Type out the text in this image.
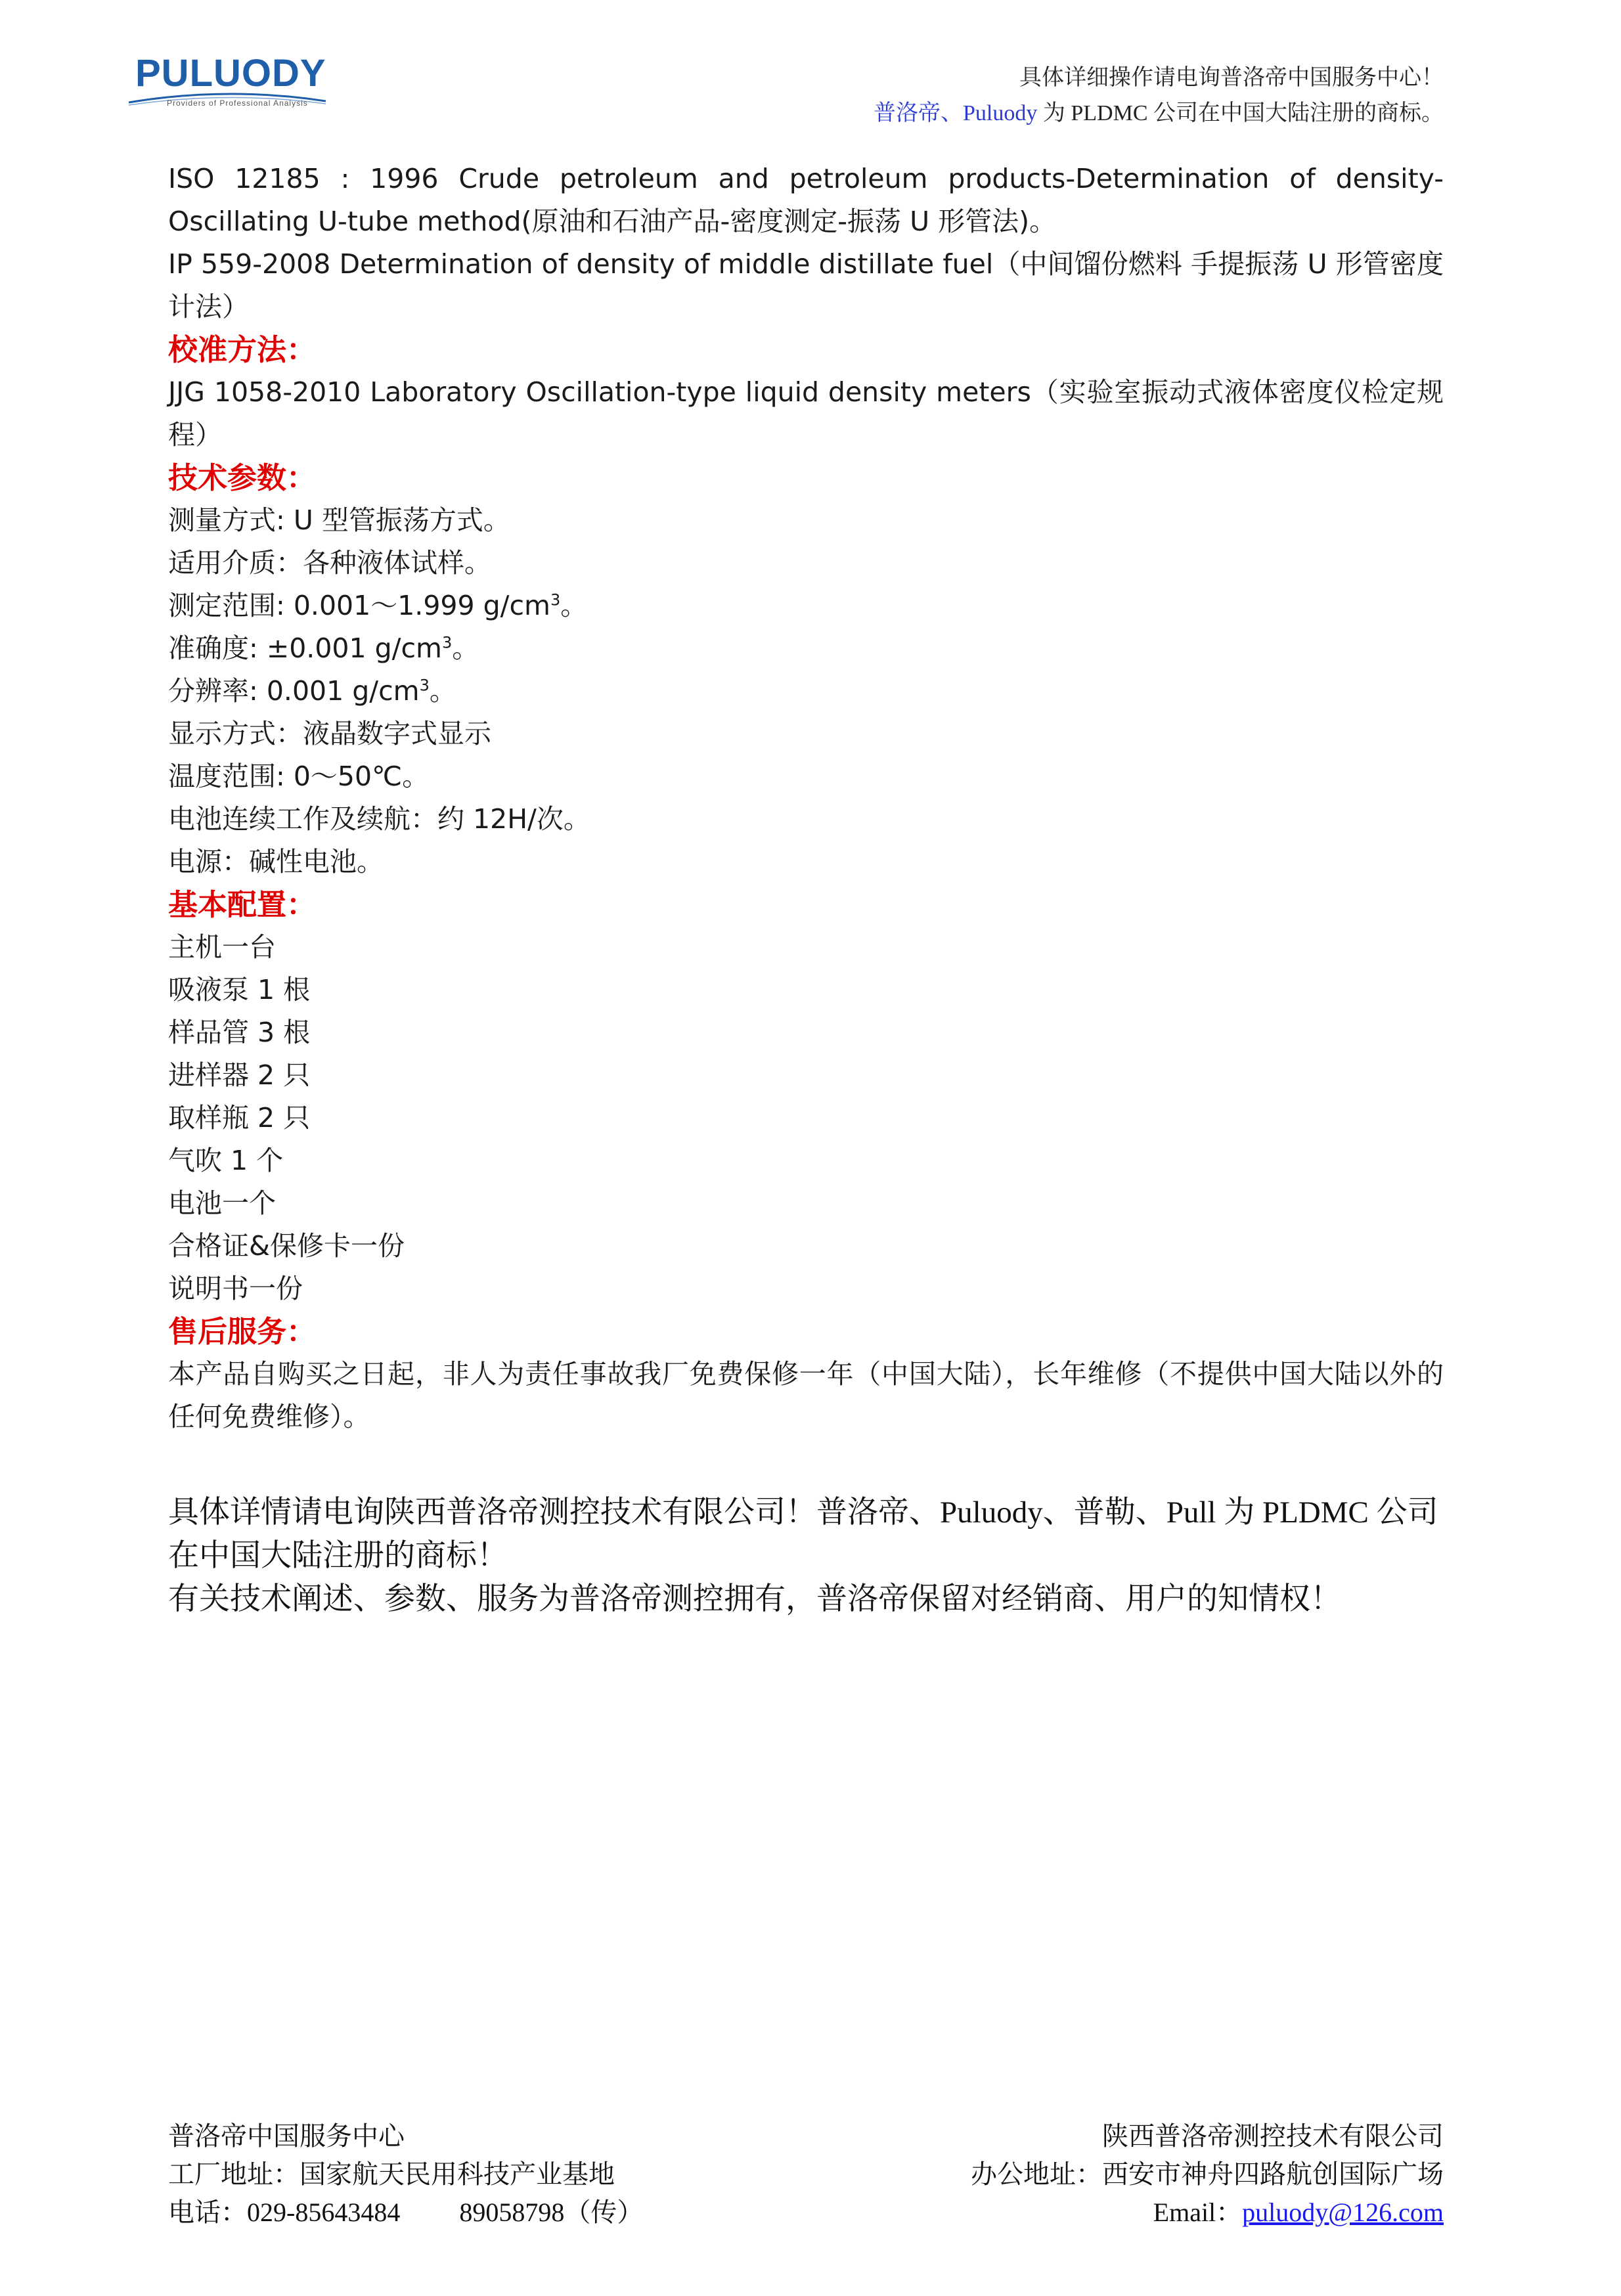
PULUODY
Providers of Professional Analysis
具体详细操作请电询普洛帝中国服务中心！
普洛帝、Puluody 为 PLDMC 公司在中国大陆注册的商标。

ISO 12185 : 1996 Crude petroleum and petroleum products-Determination of density-Oscillating U-tube method(原油和石油产品-密度测定-振荡 U 形管法)。

IP 559-2008 Determination of density of middle distillate fuel（中间馏份燃料 手提振荡 U 形管密度计法）

校准方法：

JJG 1058-2010 Laboratory Oscillation-type liquid density meters（实验室振动式液体密度仪检定规程）

技术参数：

测量方式: U 型管振荡方式。

适用介质：各种液体试样。

测定范围: 0.001～1.999 $g/cm^3$。

准确度: ±0.001 $g/cm^3$。

分辨率: 0.001 $g/cm^3$。

显示方式：液晶数字式显示

温度范围: 0～50℃。

电池连续工作及续航：约 12H/次。

电源：碱性电池。

基本配置：

主机一台

吸液泵 1 根

样品管 3 根

进样器 2 只

取样瓶 2 只

气吹 1 个

电池一个

合格证&保修卡一份

说明书一份

售后服务：

本产品自购买之日起，非人为责任事故我厂免费保修一年（中国大陆），长年维修（不提供中国大陆以外的任何免费维修）。

具体详情请电询陕西普洛帝测控技术有限公司！普洛帝、Puluody、普勒、Pull 为 PLDMC 公司在中国大陆注册的商标！

有关技术阐述、参数、服务为普洛帝测控拥有，普洛帝保留对经销商、用户的知情权！

普洛帝中国服务中心
工厂地址：国家航天民用科技产业基地
电话：029-85643484 89058798（传）
陕西普洛帝测控技术有限公司
办公地址：西安市神舟四路航创国际广场
Email：puluody@126.com
